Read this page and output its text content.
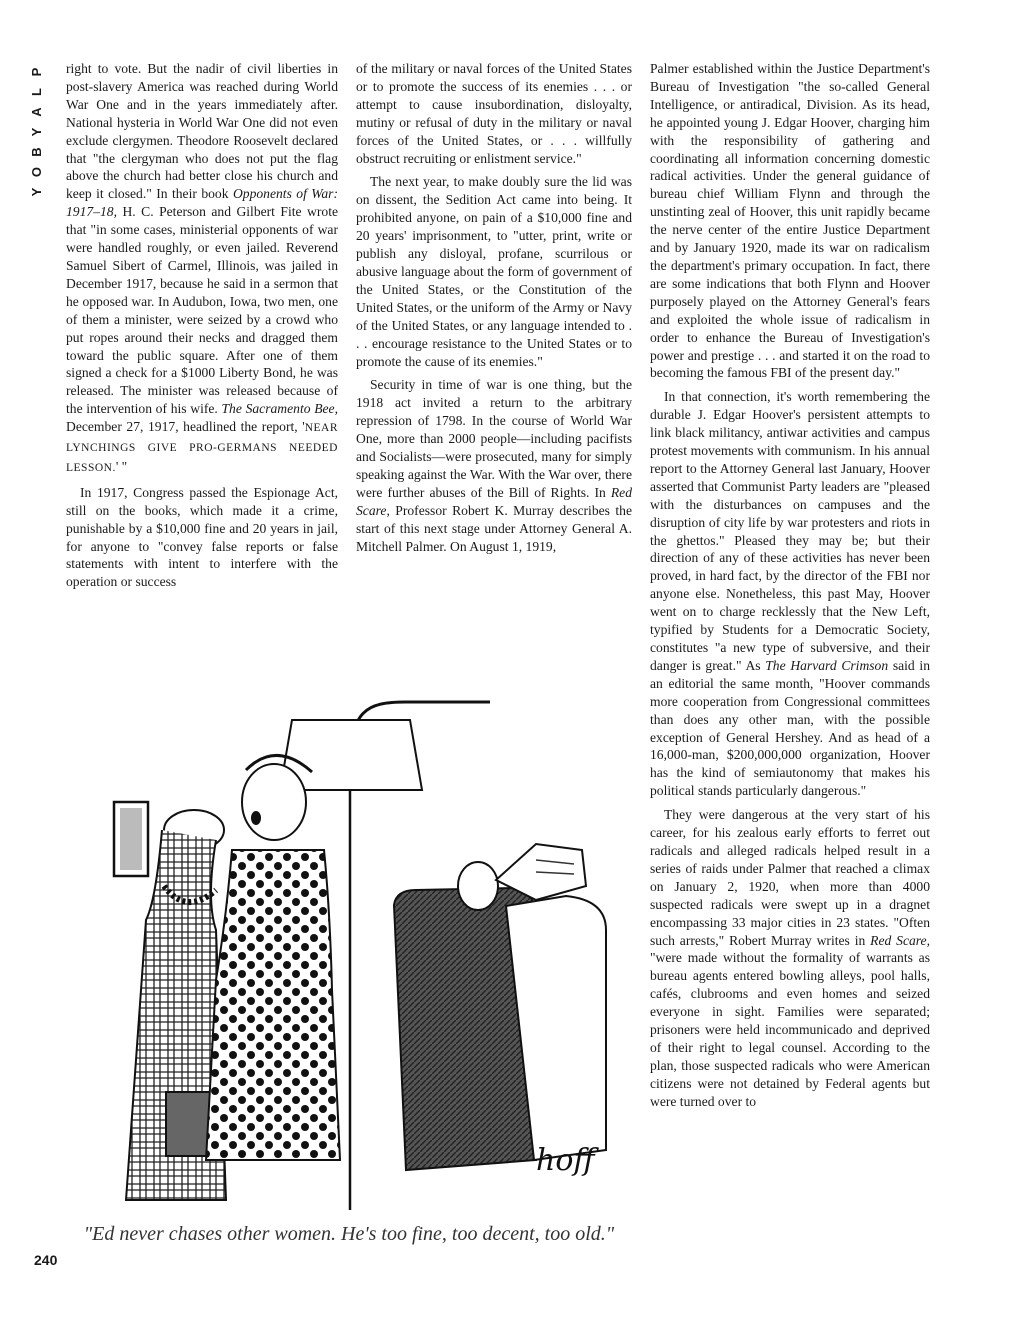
P
L
A
Y
B
O
Y

right to vote. But the nadir of civil liberties in post-slavery America was reached during World War One and in the years immediately after. National hysteria in World War One did not even exclude clergymen. Theodore Roosevelt declared that "the clergyman who does not put the flag above the church had better close his church and keep it closed." In their book Opponents of War: 1917–18, H. C. Peterson and Gilbert Fite wrote that "in some cases, ministerial opponents of war were handled roughly, or even jailed. Reverend Samuel Sibert of Carmel, Illinois, was jailed in December 1917, because he said in a sermon that he opposed war. In Audubon, Iowa, two men, one of them a minister, were seized by a crowd who put ropes around their necks and dragged them toward the public square. After one of them signed a check for a $1000 Liberty Bond, he was released. The minister was released because of the intervention of his wife. The Sacramento Bee, December 27, 1917, headlined the report, 'NEAR LYNCHINGS GIVE PRO-GERMANS NEEDED LESSON.' "

In 1917, Congress passed the Espionage Act, still on the books, which made it a crime, punishable by a $10,000 fine and 20 years in jail, for anyone to "convey false reports or false statements with intent to interfere with the operation or success

of the military or naval forces of the United States or to promote the success of its enemies . . . or attempt to cause insubordination, disloyalty, mutiny or refusal of duty in the military or naval forces of the United States, or . . . willfully obstruct recruiting or enlistment service."

The next year, to make doubly sure the lid was on dissent, the Sedition Act came into being. It prohibited anyone, on pain of a $10,000 fine and 20 years' imprisonment, to "utter, print, write or publish any disloyal, profane, scurrilous or abusive language about the form of government of the United States, or the Constitution of the United States, or the uniform of the Army or Navy of the United States, or any language intended to . . . encourage resistance to the United States or to promote the cause of its enemies."

Security in time of war is one thing, but the 1918 act invited a return to the arbitrary repression of 1798. In the course of World War One, more than 2000 people—including pacifists and Socialists—were prosecuted, many for simply speaking against the War. With the War over, there were further abuses of the Bill of Rights. In Red Scare, Professor Robert K. Murray describes the start of this next stage under Attorney General A. Mitchell Palmer. On August 1, 1919,

Palmer established within the Justice Department's Bureau of Investigation "the so-called General Intelligence, or antiradical, Division. As its head, he appointed young J. Edgar Hoover, charging him with the responsibility of gathering and coordinating all information concerning domestic radical activities. Under the general guidance of bureau chief William Flynn and through the unstinting zeal of Hoover, this unit rapidly became the nerve center of the entire Justice Department and by January 1920, made its war on radicalism the department's primary occupation. In fact, there are some indications that both Flynn and Hoover purposely played on the Attorney General's fears and exploited the whole issue of radicalism in order to enhance the Bureau of Investigation's power and prestige . . . and started it on the road to becoming the famous FBI of the present day."

In that connection, it's worth remembering the durable J. Edgar Hoover's persistent attempts to link black militancy, antiwar activities and campus protest movements with communism. In his annual report to the Attorney General last January, Hoover asserted that Communist Party leaders are "pleased with the disturbances on campuses and the disruption of city life by war protesters and riots in the ghettos." Pleased they may be; but their direction of any of these activities has never been proved, in hard fact, by the director of the FBI nor anyone else. Nonetheless, this past May, Hoover went on to charge recklessly that the New Left, typified by Students for a Democratic Society, constitutes "a new type of subversive, and their danger is great." As The Harvard Crimson said in an editorial the same month, "Hoover commands more cooperation from Congressional committees than does any other man, with the possible exception of General Hershey. And as head of a 16,000-man, $200,000,000 organization, Hoover has the kind of semiautonomy that makes his political stands particularly dangerous."

They were dangerous at the very start of his career, for his zealous early efforts to ferret out radicals and alleged radicals helped result in a series of raids under Palmer that reached a climax on January 2, 1920, when more than 4000 suspected radicals were swept up in a dragnet encompassing 33 major cities in 23 states. "Often such arrests," Robert Murray writes in Red Scare, "were made without the formality of warrants as bureau agents entered bowling alleys, pool halls, cafés, clubrooms and even homes and seized everyone in sight. Families were separated; prisoners were held incommunicado and deprived of their right to legal counsel. According to the plan, those suspected radicals who were American citizens were not detained by Federal agents but were turned over to

hoff
"Ed never chases other women. He's too fine, too decent, too old."
240
